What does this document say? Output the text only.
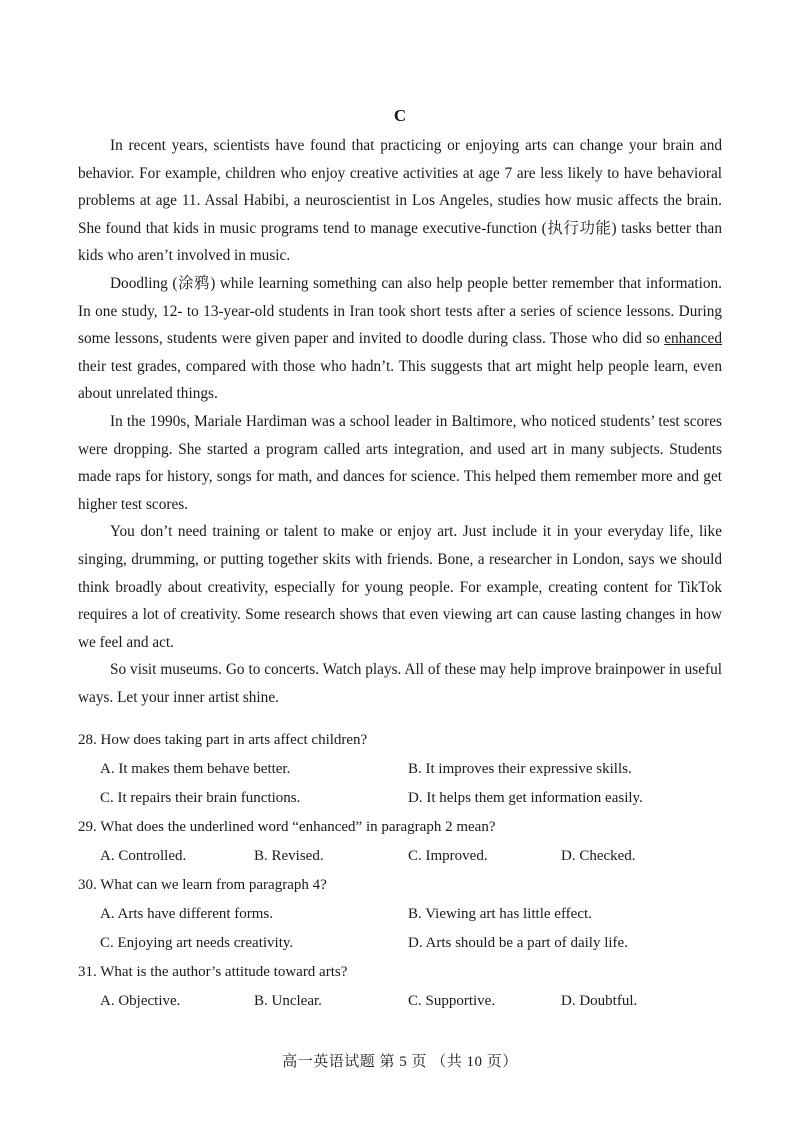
C

In recent years, scientists have found that practicing or enjoying arts can change your brain and behavior. For example, children who enjoy creative activities at age 7 are less likely to have behavioral problems at age 11. Assal Habibi, a neuroscientist in Los Angeles, studies how music affects the brain. She found that kids in music programs tend to manage executive-function (执行功能) tasks better than kids who aren’t involved in music.

Doodling (涂鸦) while learning something can also help people better remember that information. In one study, 12- to 13-year-old students in Iran took short tests after a series of science lessons. During some lessons, students were given paper and invited to doodle during class. Those who did so enhanced their test grades, compared with those who hadn’t. This suggests that art might help people learn, even about unrelated things.

In the 1990s, Mariale Hardiman was a school leader in Baltimore, who noticed students’ test scores were dropping. She started a program called arts integration, and used art in many subjects. Students made raps for history, songs for math, and dances for science. This helped them remember more and get higher test scores.

You don’t need training or talent to make or enjoy art. Just include it in your everyday life, like singing, drumming, or putting together skits with friends. Bone, a researcher in London, says we should think broadly about creativity, especially for young people. For example, creating content for TikTok requires a lot of creativity. Some research shows that even viewing art can cause lasting changes in how we feel and act.

So visit museums. Go to concerts. Watch plays. All of these may help improve brainpower in useful ways. Let your inner artist shine.

28. How does taking part in arts affect children?
A. It makes them behave better.	B. It improves their expressive skills.
C. It repairs their brain functions.	D. It helps them get information easily.
29. What does the underlined word “enhanced” in paragraph 2 mean?
A. Controlled.	B. Revised.	C. Improved.	D. Checked.
30. What can we learn from paragraph 4?
A. Arts have different forms.	B. Viewing art has little effect.
C. Enjoying art needs creativity.	D. Arts should be a part of daily life.
31. What is the author’s attitude toward arts?
A. Objective.	B. Unclear.	C. Supportive.	D. Doubtful.
高一英语试题 第 5 页 （共 10 页）
